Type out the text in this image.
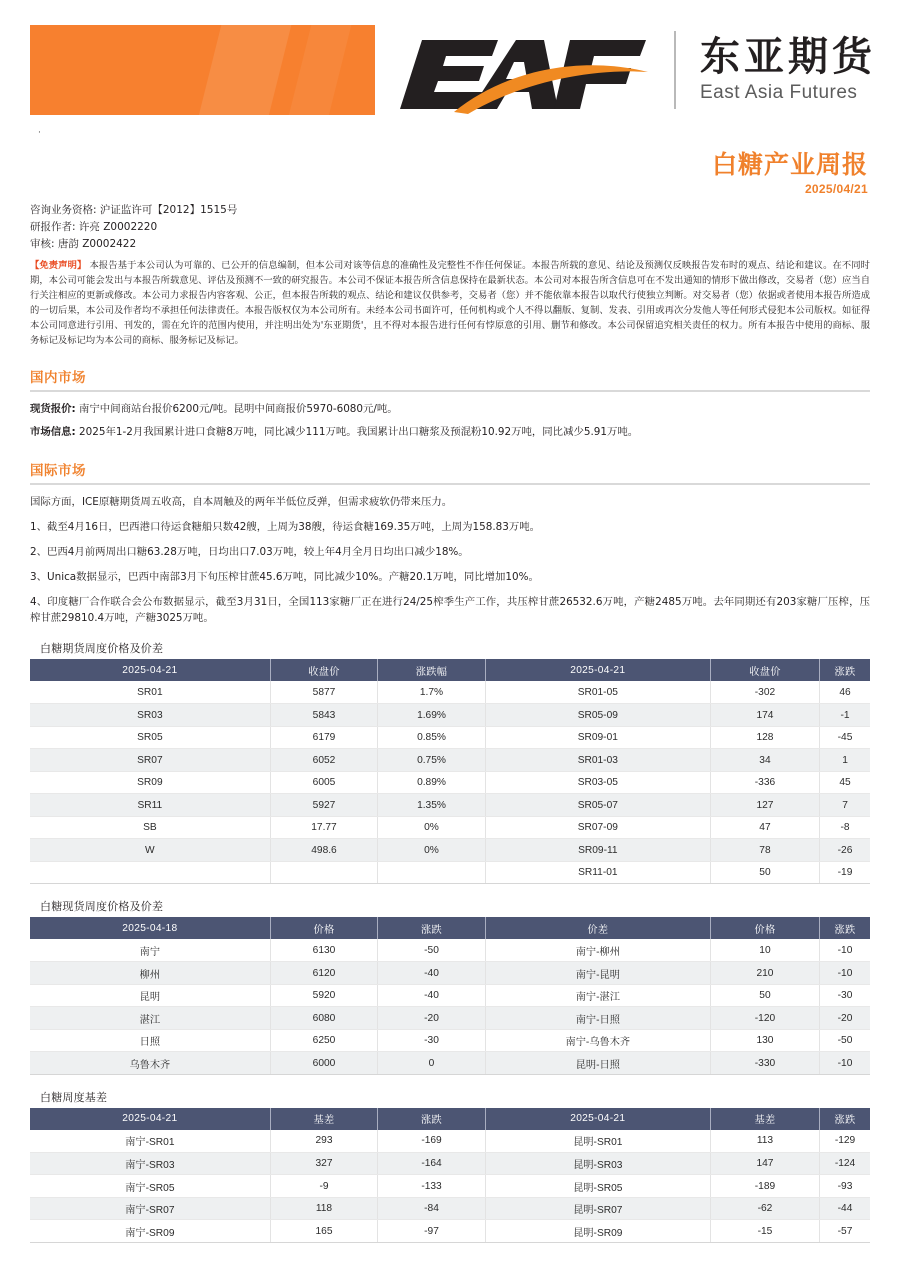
东亚期货
East Asia Futures
·
白糖产业周报
2025/04/21
咨询业务资格: 沪证监许可【2012】1515号
研报作者: 许亮 Z0002220
审核: 唐韵 Z0002422
【免责声明】 本报告基于本公司认为可靠的、已公开的信息编制，但本公司对该等信息的准确性及完整性不作任何保证。本报告所载的意见、结论及预测仅反映报告发布时的观点、结论和建议。在不同时期，本公司可能会发出与本报告所载意见、评估及预测不一致的研究报告。本公司不保证本报告所含信息保持在最新状态。本公司对本报告所含信息可在不发出通知的情形下做出修改，交易者（您）应当自行关注相应的更新或修改。本公司力求报告内容客观、公正，但本报告所载的观点、结论和建议仅供参考，交易者（您）并不能依靠本报告以取代行使独立判断。对交易者（您）依据或者使用本报告所造成的一切后果，本公司及作者均不承担任何法律责任。本报告版权仅为本公司所有。未经本公司书面许可，任何机构或个人不得以翻版、复制、发表、引用或再次分发他人等任何形式侵犯本公司版权。如征得本公司同意进行引用、刊发的，需在允许的范围内使用，并注明出处为'东亚期货'，且不得对本报告进行任何有悖原意的引用、删节和修改。本公司保留追究相关责任的权力。所有本报告中使用的商标、服务标记及标记均为本公司的商标、服务标记及标记。
国内市场

现货报价: 南宁中间商站台报价6200元/吨。昆明中间商报价5970-6080元/吨。

市场信息: 2025年1-2月我国累计进口食糖8万吨，同比减少111万吨。我国累计出口糖浆及预混粉10.92万吨，同比减少5.91万吨。

国际市场

国际方面，ICE原糖期货周五收高，自本周触及的两年半低位反弹，但需求疲软仍带来压力。

1、截至4月16日，巴西港口待运食糖船只数42艘，上周为38艘，待运食糖169.35万吨，上周为158.83万吨。

2、巴西4月前两周出口糖63.28万吨，日均出口7.03万吨，较上年4月全月日均出口减少18%。

3、Unica数据显示，巴西中南部3月下旬压榨甘蔗45.6万吨，同比减少10%。产糖20.1万吨，同比增加10%。

4、印度糖厂合作联合会公布数据显示，截至3月31日，全国113家糖厂正在进行24/25榨季生产工作，共压榨甘蔗26532.6万吨，产糖2485万吨。去年同期还有203家糖厂压榨，压榨甘蔗29810.4万吨，产糖3025万吨。

白糖期货周度价格及价差
2025-04-21	收盘价	涨跌幅	2025-04-21	收盘价	涨跌
SR01	5877	1.7%	SR01-05	-302	46
SR03	5843	1.69%	SR05-09	174	-1
SR05	6179	0.85%	SR09-01	128	-45
SR07	6052	0.75%	SR01-03	34	1
SR09	6005	0.89%	SR03-05	-336	45
SR11	5927	1.35%	SR05-07	127	7
SB	17.77	0%	SR07-09	47	-8
W	498.6	0%	SR09-11	78	-26
			SR11-01	50	-19
白糖现货周度价格及价差
2025-04-18	价格	涨跌	价差	价格	涨跌
南宁	6130	-50	南宁-柳州	10	-10
柳州	6120	-40	南宁-昆明	210	-10
昆明	5920	-40	南宁-湛江	50	-30
湛江	6080	-20	南宁-日照	-120	-20
日照	6250	-30	南宁-乌鲁木齐	130	-50
乌鲁木齐	6000	0	昆明-日照	-330	-10
白糖周度基差
2025-04-21	基差	涨跌	2025-04-21	基差	涨跌
南宁-SR01	293	-169	昆明-SR01	113	-129
南宁-SR03	327	-164	昆明-SR03	147	-124
南宁-SR05	-9	-133	昆明-SR05	-189	-93
南宁-SR07	118	-84	昆明-SR07	-62	-44
南宁-SR09	165	-97	昆明-SR09	-15	-57
